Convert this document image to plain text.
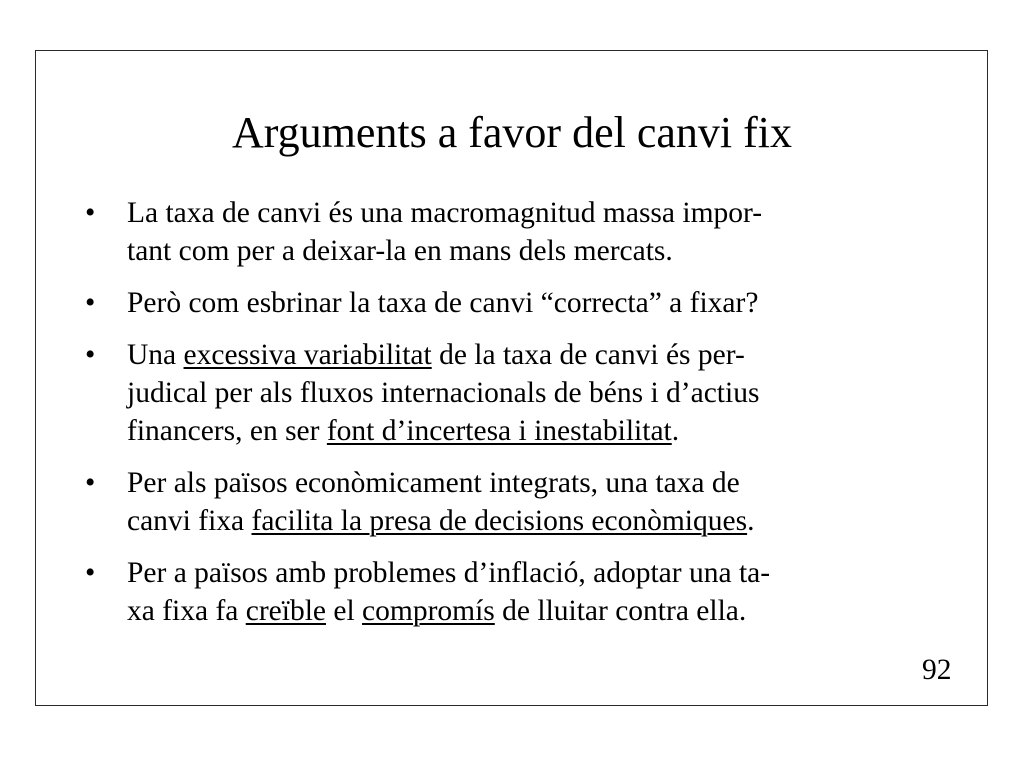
Arguments a favor del canvi fix
•	La taxa de canvi és una macromagnitud massa impor-
tant com per a deixar-la en mans dels mercats.
•	Però com esbrinar la taxa de canvi “correcta” a fixar?
•	Una excessiva variabilitat de la taxa de canvi és per-
judical per als fluxos internacionals de béns i d’actius
financers, en ser font d’incertesa i inestabilitat.
•	Per als països econòmicament integrats, una taxa de
canvi fixa facilita la presa de decisions econòmiques.
•	Per a països amb problemes d’inflació, adoptar una ta-
xa fixa fa creïble el compromís de lluitar contra ella.
92
